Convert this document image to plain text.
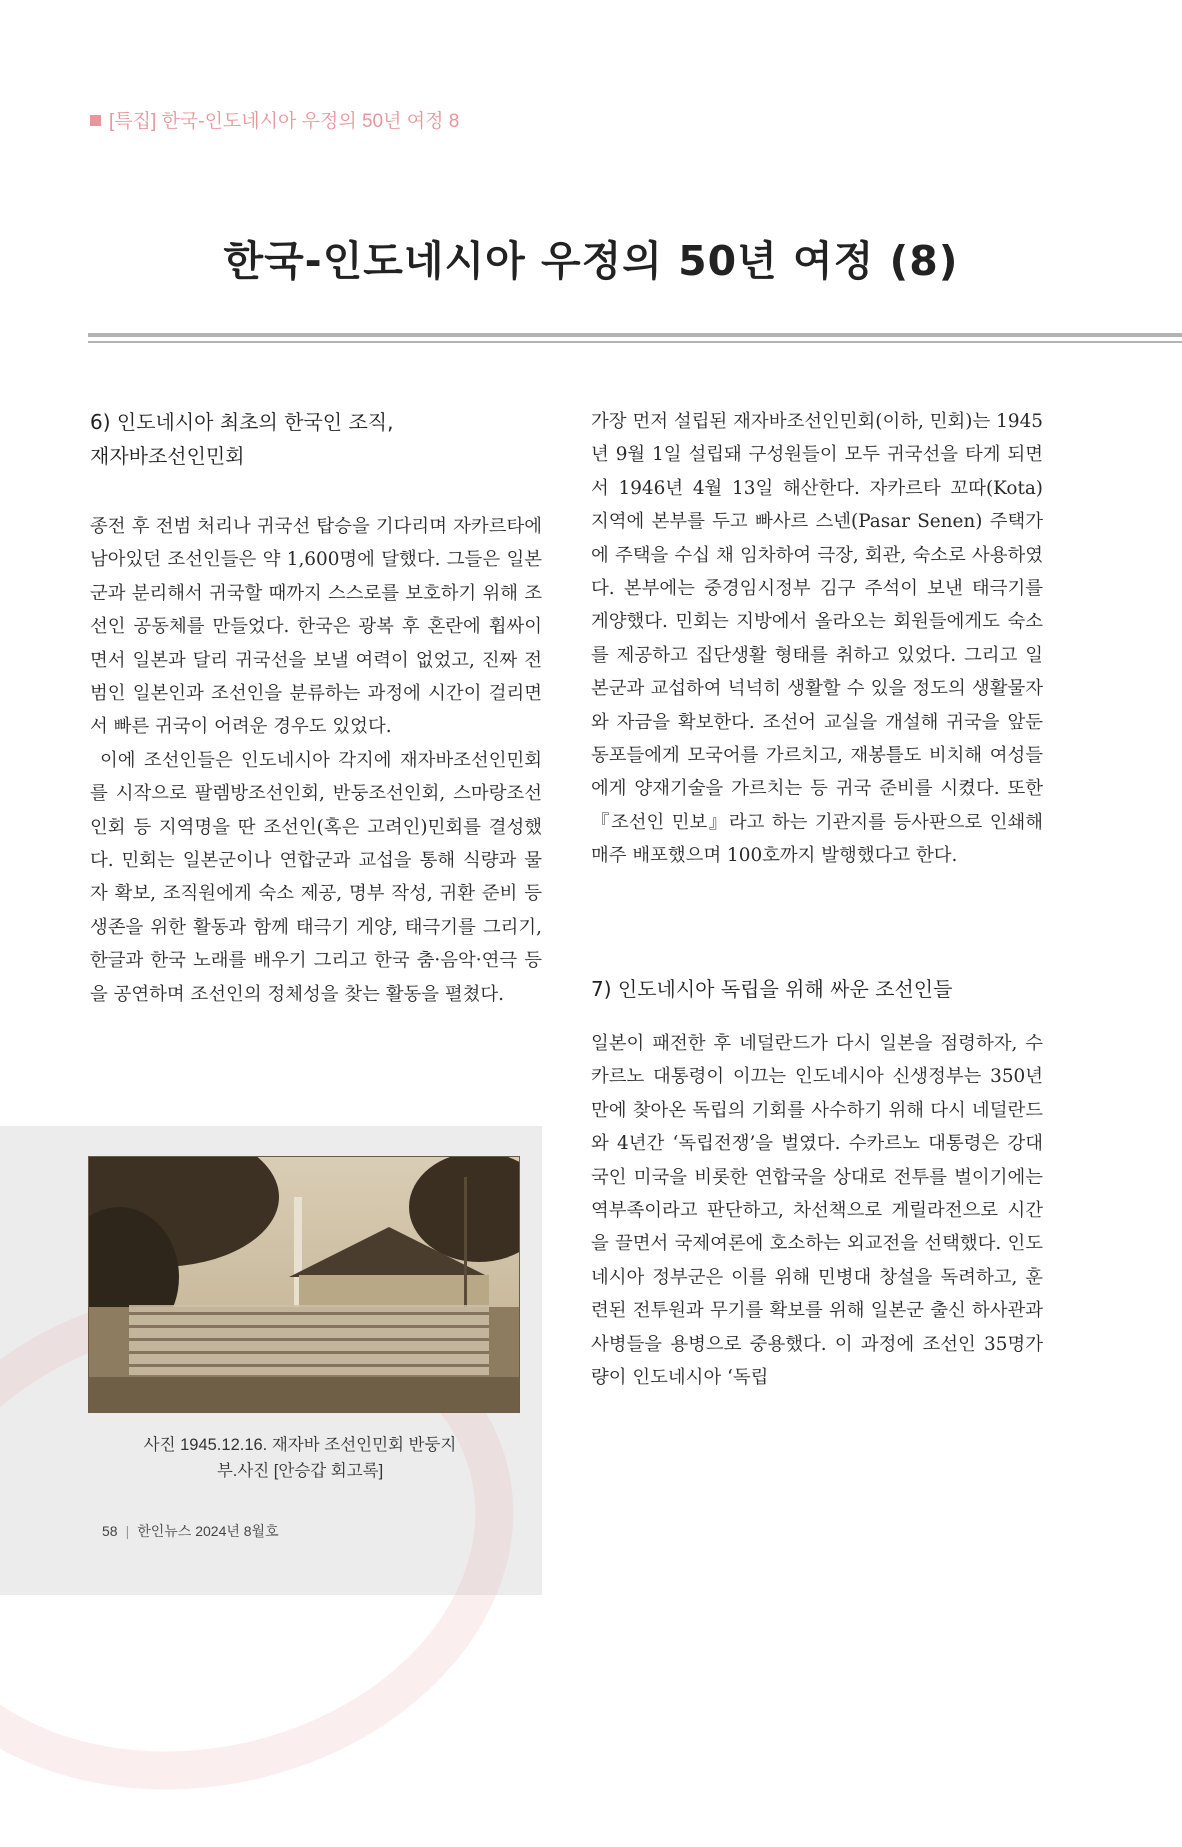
[특집] 한국-인도네시아 우정의 50년 여정 8
한국-인도네시아 우정의 50년 여정 (8)
6) 인도네시아 최초의 한국인 조직,
재자바조선인민회

종전 후 전범 처리나 귀국선 탑승을 기다리며 자카르타에 남아있던 조선인들은 약 1,600명에 달했다. 그들은 일본군과 분리해서 귀국할 때까지 스스로를 보호하기 위해 조선인 공동체를 만들었다. 한국은 광복 후 혼란에 휩싸이면서 일본과 달리 귀국선을 보낼 여력이 없었고, 진짜 전범인 일본인과 조선인을 분류하는 과정에 시간이 걸리면서 빠른 귀국이 어려운 경우도 있었다.

이에 조선인들은 인도네시아 각지에 재자바조선인민회를 시작으로 팔렘방조선인회, 반둥조선인회, 스마랑조선인회 등 지역명을 딴 조선인(혹은 고려인)민회를 결성했다. 민회는 일본군이나 연합군과 교섭을 통해 식량과 물자 확보, 조직원에게 숙소 제공, 명부 작성, 귀환 준비 등 생존을 위한 활동과 함께 태극기 게양, 태극기를 그리기, 한글과 한국 노래를 배우기 그리고 한국 춤·음악·연극 등을 공연하며 조선인의 정체성을 찾는 활동을 펼쳤다.

가장 먼저 설립된 재자바조선인민회(이하, 민회)는 1945년 9월 1일 설립돼 구성원들이 모두 귀국선을 타게 되면서 1946년 4월 13일 해산한다. 자카르타 꼬따(Kota) 지역에 본부를 두고 빠사르 스넨(Pasar Senen) 주택가에 주택을 수십 채 임차하여 극장, 회관, 숙소로 사용하였다. 본부에는 중경임시정부 김구 주석이 보낸 태극기를 게양했다. 민회는 지방에서 올라오는 회원들에게도 숙소를 제공하고 집단생활 형태를 취하고 있었다. 그리고 일본군과 교섭하여 넉넉히 생활할 수 있을 정도의 생활물자와 자금을 확보한다. 조선어 교실을 개설해 귀국을 앞둔 동포들에게 모국어를 가르치고, 재봉틀도 비치해 여성들에게 양재기술을 가르치는 등 귀국 준비를 시켰다. 또한 『조선인 민보』라고 하는 기관지를 등사판으로 인쇄해 매주 배포했으며 100호까지 발행했다고 한다.

7) 인도네시아 독립을 위해 싸운 조선인들

일본이 패전한 후 네덜란드가 다시 일본을 점령하자, 수카르노 대통령이 이끄는 인도네시아 신생정부는 350년 만에 찾아온 독립의 기회를 사수하기 위해 다시 네덜란드와 4년간 ‘독립전쟁’을 벌였다. 수카르노 대통령은 강대국인 미국을 비롯한 연합국을 상대로 전투를 벌이기에는 역부족이라고 판단하고, 차선책으로 게릴라전으로 시간을 끌면서 국제여론에 호소하는 외교전을 선택했다. 인도네시아 정부군은 이를 위해 민병대 창설을 독려하고, 훈련된 전투원과 무기를 확보를 위해 일본군 출신 하사관과 사병들을 용병으로 중용했다. 이 과정에 조선인 35명가량이 인도네시아 ‘독립

사진 1945.12.16. 재자바 조선인민회 반둥지
부.사진 [안승갑 회고록]
58 | 한인뉴스 2024년 8월호
